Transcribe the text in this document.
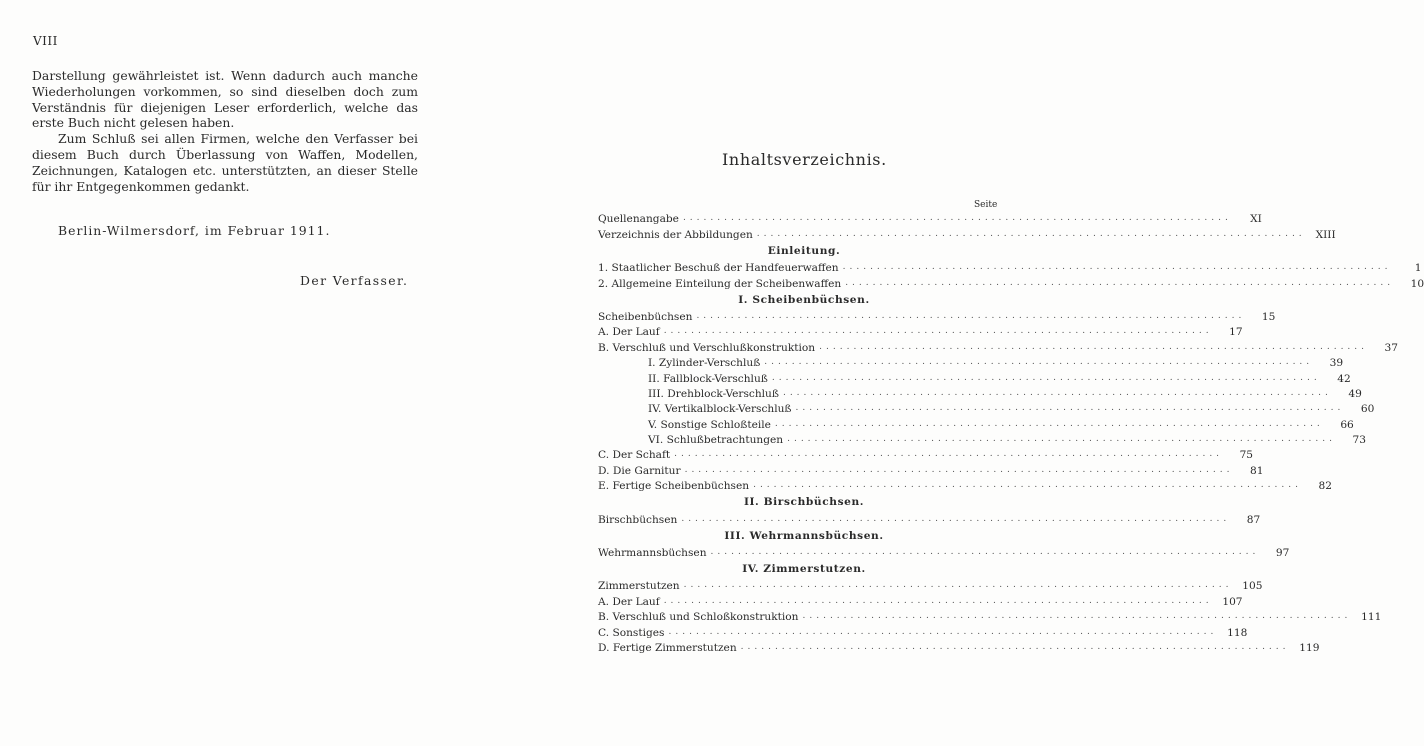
VIII

Darstellung gewährleistet ist. Wenn dadurch auch manche Wiederholungen vorkommen, so sind dieselben doch zum Verständnis für diejenigen Leser erforderlich, welche das erste Buch nicht gelesen haben.

Zum Schluß sei allen Firmen, welche den Verfasser bei diesem Buch durch Überlassung von Waffen, Modellen, Zeichnungen, Katalogen etc. unterstützten, an dieser Stelle für ihr Entgegenkommen gedankt.

Berlin-Wilmersdorf, im Februar 1911.
Der Verfasser.
Inhaltsverzeichnis.
Seite
Quellenangabe ................................................................................	XI
Verzeichnis der Abbildungen ................................................................................ XIII
Einleitung.
1. Staatlicher Beschuß der Handfeuerwaffen ................................................................................	1
2. Allgemeine Einteilung der Scheibenwaffen ................................................................................	10
I. Scheibenbüchsen.
Scheibenbüchsen ................................................................................	15
A. Der Lauf ................................................................................	17
B. Verschluß und Verschlußkonstruktion ................................................................................	37
I. Zylinder-Verschluß ................................................................................	39
II. Fallblock-Verschluß ................................................................................	42
III. Drehblock-Verschluß ................................................................................	49
IV. Vertikalblock-Verschluß ................................................................................	60
V. Sonstige Schloßteile ................................................................................	66
VI. Schlußbetrachtungen ................................................................................	73
C. Der Schaft ................................................................................	75
D. Die Garnitur ................................................................................	81
E. Fertige Scheibenbüchsen ................................................................................	82
II. Birschbüchsen.
Birschbüchsen ................................................................................	87
III. Wehrmannsbüchsen.
Wehrmannsbüchsen ................................................................................	97
IV. Zimmerstutzen.
Zimmerstutzen ................................................................................ 105
A. Der Lauf ................................................................................ 107
B. Verschluß und Schloßkonstruktion ................................................................................ 111
C. Sonstiges ................................................................................ 118
D. Fertige Zimmerstutzen ................................................................................ 119
